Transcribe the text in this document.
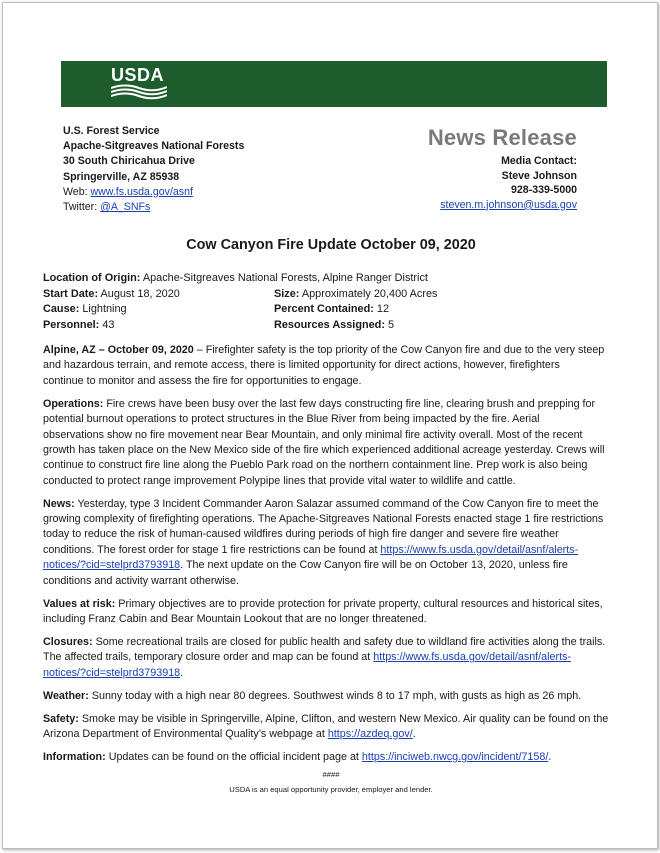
USDA
U.S. Forest Service
Apache-Sitgreaves National Forests
30 South Chiricahua Drive
Springerville, AZ 85938
Web: www.fs.usda.gov/asnf
Twitter: @A_SNFs
News Release
Media Contact:
Steve Johnson
928-339-5000
steven.m.johnson@usda.gov
Cow Canyon Fire Update October 09, 2020
Location of Origin: Apache-Sitgreaves National Forests, Alpine Ranger District
Start Date: August 18, 2020	Size: Approximately 20,400 Acres
Cause: Lightning	Percent Contained: 12
Personnel: 43	Resources Assigned: 5

Alpine, AZ – October 09, 2020 – Firefighter safety is the top priority of the Cow Canyon fire and due to the very steep
and hazardous terrain, and remote access, there is limited opportunity for direct actions, however, firefighters
continue to monitor and assess the fire for opportunities to engage.

Operations: Fire crews have been busy over the last few days constructing fire line, clearing brush and prepping for
potential burnout operations to protect structures in the Blue River from being impacted by the fire. Aerial
observations show no fire movement near Bear Mountain, and only minimal fire activity overall. Most of the recent
growth has taken place on the New Mexico side of the fire which experienced additional acreage yesterday. Crews will
continue to construct fire line along the Pueblo Park road on the northern containment line. Prep work is also being
conducted to protect range improvement Polypipe lines that provide vital water to wildlife and cattle.

News: Yesterday, type 3 Incident Commander Aaron Salazar assumed command of the Cow Canyon fire to meet the
growing complexity of firefighting operations. The Apache-Sitgreaves National Forests enacted stage 1 fire restrictions
today to reduce the risk of human-caused wildfires during periods of high fire danger and severe fire weather
conditions. The forest order for stage 1 fire restrictions can be found at https://www.fs.usda.gov/detail/asnf/alerts-
notices/?cid=stelprd3793918. The next update on the Cow Canyon fire will be on October 13, 2020, unless fire
conditions and activity warrant otherwise.

Values at risk: Primary objectives are to provide protection for private property, cultural resources and historical sites,
including Franz Cabin and Bear Mountain Lookout that are no longer threatened.

Closures: Some recreational trails are closed for public health and safety due to wildland fire activities along the trails.
The affected trails, temporary closure order and map can be found at https://www.fs.usda.gov/detail/asnf/alerts-
notices/?cid=stelprd3793918.

Weather: Sunny today with a high near 80 degrees. Southwest winds 8 to 17 mph, with gusts as high as 26 mph.

Safety: Smoke may be visible in Springerville, Alpine, Clifton, and western New Mexico. Air quality can be found on the
Arizona Department of Environmental Quality’s webpage at https://azdeq.gov/.

Information: Updates can be found on the official incident page at https://inciweb.nwcg.gov/incident/7158/.

####
USDA is an equal opportunity provider, employer and lender.
